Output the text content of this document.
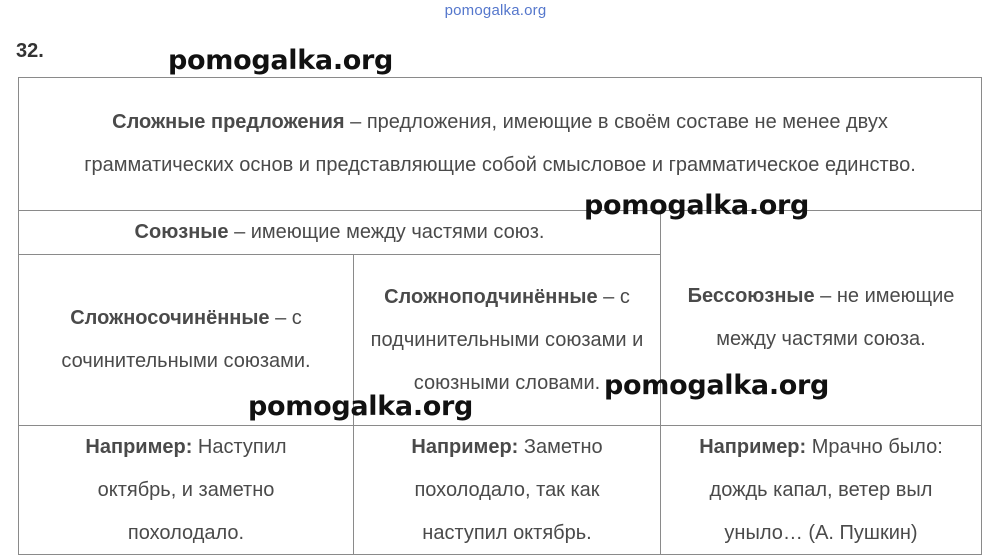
pomogalka.org
32.
Сложные предложения – предложения, имеющие в своём составе не менее двух грамматических основ и представляющие собой смысловое и грамматическое единство.
Союзные – имеющие между частями союз.
Сложносочинённые – с сочинительными союзами.
Сложноподчинённые – с подчинительными союзами и союзными словами.
Бессоюзные – не имеющие между частями союза.
Например: Наступил октябрь, и заметно похолодало.
Например: Заметно похолодало, так как наступил октябрь.
Например: Мрачно было: дождь капал, ветер выл уныло… (А. Пушкин)
pomogalka.org
pomogalka.org
pomogalka.org
pomogalka.org
